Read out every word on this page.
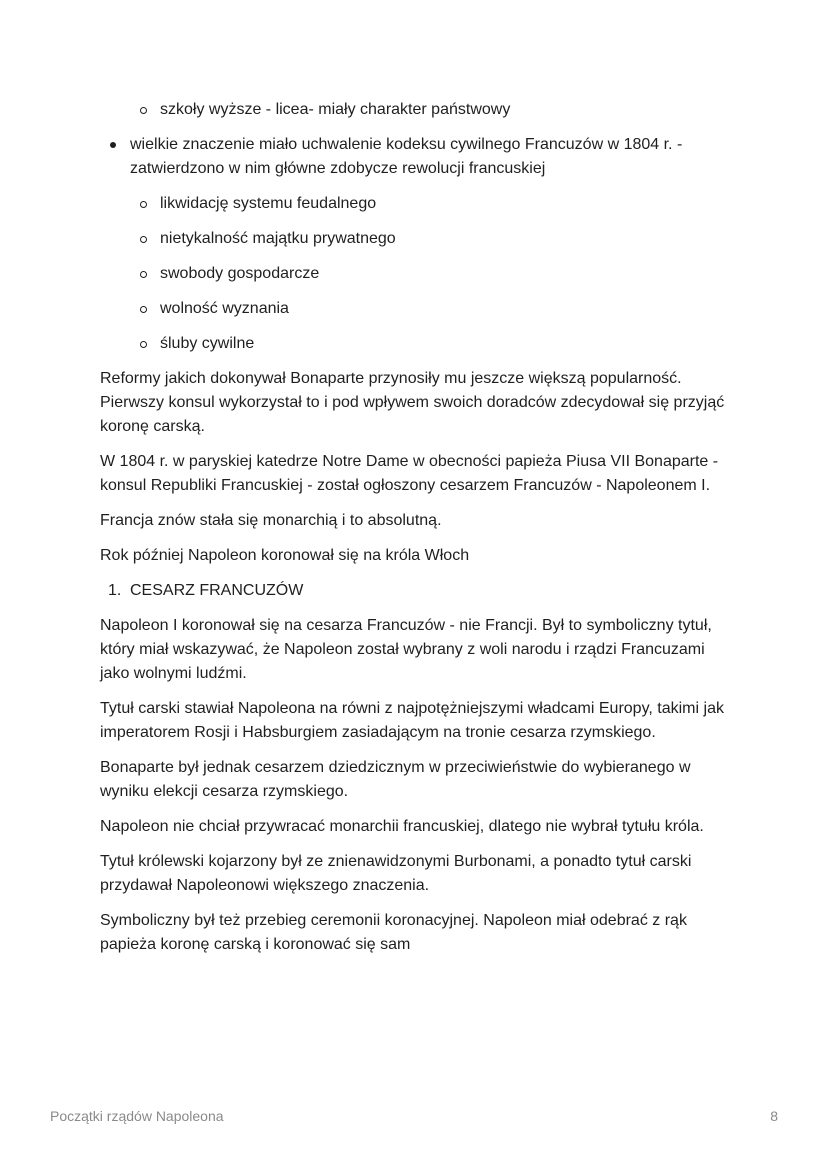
szkoły wyższe - licea- miały charakter państwowy
wielkie znaczenie miało uchwalenie kodeksu cywilnego Francuzów w 1804 r. - zatwierdzono w nim główne zdobycze rewolucji francuskiej
likwidację systemu feudalnego
nietykalność majątku prywatnego
swobody gospodarcze
wolność wyznania
śluby cywilne

Reformy jakich dokonywał Bonaparte przynosiły mu jeszcze większą popularność. Pierwszy konsul wykorzystał to i pod wpływem swoich doradców zdecydował się przyjąć koronę carską.

W 1804 r. w paryskiej katedrze Notre Dame w obecności papieża Piusa VII Bonaparte - konsul Republiki Francuskiej - został ogłoszony cesarzem Francuzów - Napoleonem I.

Francja znów stała się monarchią i to absolutną.

Rok później Napoleon koronował się na króla Włoch

1. CESARZ FRANCUZÓW

Napoleon I koronował się na cesarza Francuzów - nie Francji. Był to symboliczny tytuł, który miał wskazywać, że Napoleon został wybrany z woli narodu i rządzi Francuzami jako wolnymi ludźmi.

Tytuł carski stawiał Napoleona na równi z najpotężniejszymi władcami Europy, takimi jak imperatorem Rosji i Habsburgiem zasiadającym na tronie cesarza rzymskiego.

Bonaparte był jednak cesarzem dziedzicznym w przeciwieństwie do wybieranego w wyniku elekcji cesarza rzymskiego.

Napoleon nie chciał przywracać monarchii francuskiej, dlatego nie wybrał tytułu króla.

Tytuł królewski kojarzony był ze znienawidzonymi Burbonami, a ponadto tytuł carski przydawał Napoleonowi większego znaczenia.

Symboliczny był też przebieg ceremonii koronacyjnej. Napoleon miał odebrać z rąk papieża koronę carską i koronować się sam

Początki rządów Napoleona	8
